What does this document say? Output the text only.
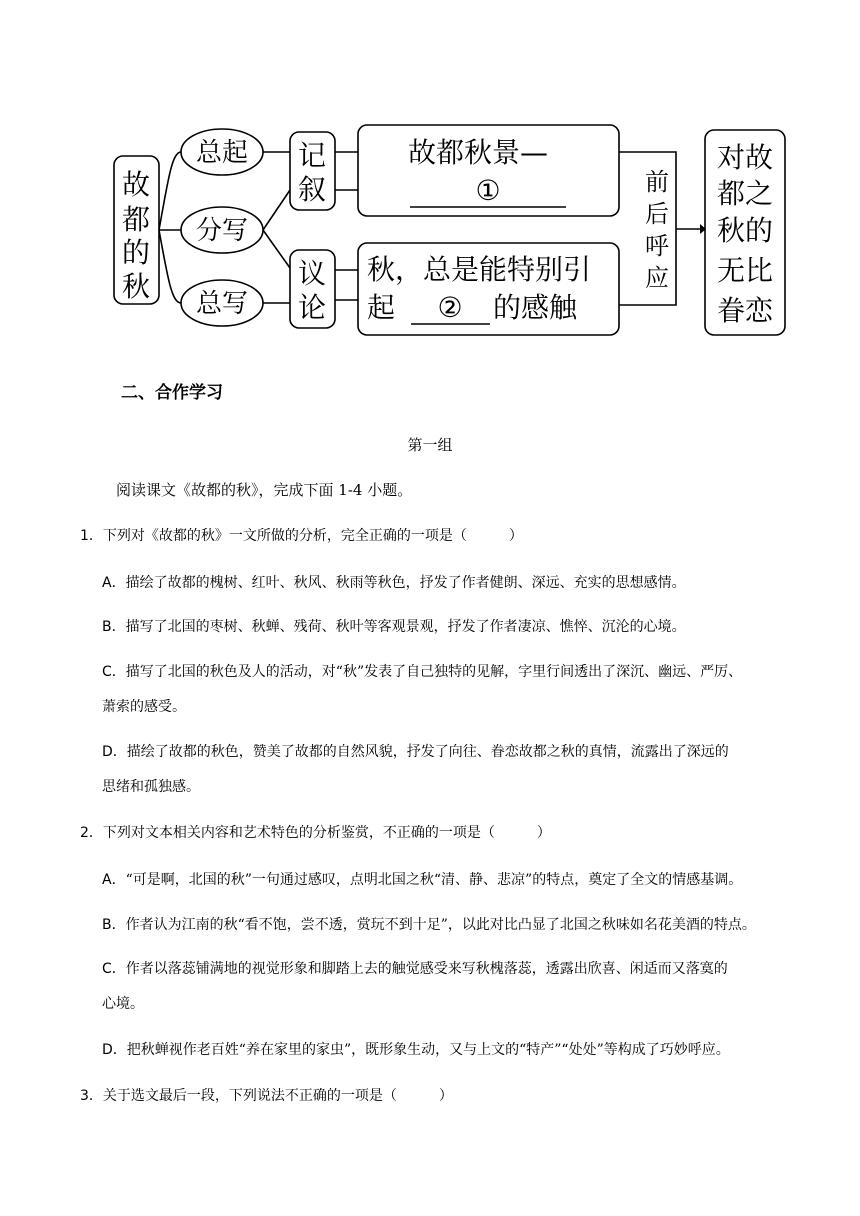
故
都
的
秋
总起
分写
总写
记
叙
议
论
故都秋景—
①
秋，总是能特别引
起 ② 的感触
前
后
呼
应
对故
都之
秋的
无比
眷恋
二、合作学习
第一组
阅读课文《故都的秋》，完成下面 1-4 小题。
1．下列对《故都的秋》一文所做的分析，完全正确的一项是（　　　）
A．描绘了故都的槐树、红叶、秋风、秋雨等秋色，抒发了作者健朗、深远、充实的思想感情。
B．描写了北国的枣树、秋蝉、残荷、秋叶等客观景观，抒发了作者凄凉、憔悴、沉沦的心境。
C．描写了北国的秋色及人的活动，对“秋”发表了自己独特的见解，字里行间透出了深沉、幽远、严厉、
萧索的感受。
D．描绘了故都的秋色，赞美了故都的自然风貌，抒发了向往、眷恋故都之秋的真情，流露出了深远的
思绪和孤独感。
2．下列对文本相关内容和艺术特色的分析鉴赏，不正确的一项是（　　　）
A．“可是啊，北国的秋”一句通过感叹，点明北国之秋“清、静、悲凉”的特点，奠定了全文的情感基调。
B．作者认为江南的秋“看不饱，尝不透，赏玩不到十足”，以此对比凸显了北国之秋味如名花美酒的特点。
C．作者以落蕊铺满地的视觉形象和脚踏上去的触觉感受来写秋槐落蕊，透露出欣喜、闲适而又落寞的
心境。
D．把秋蝉视作老百姓“养在家里的家虫”，既形象生动，又与上文的“特产”“处处”等构成了巧妙呼应。
3．关于选文最后一段，下列说法不正确的一项是（　　　）
